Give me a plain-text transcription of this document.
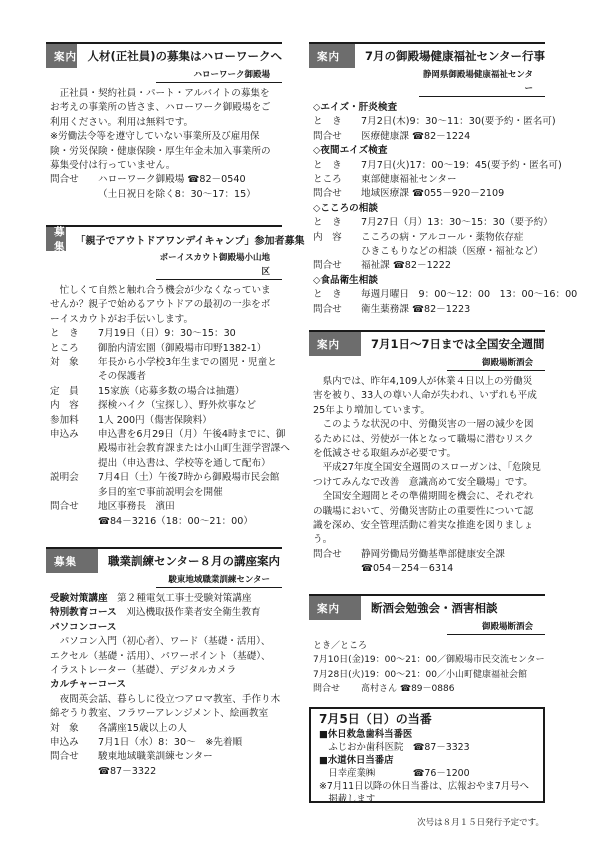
案内 人材(正社員)の募集はハローワークへ
ハローワーク御殿場

正社員・契約社員・パート・アルバイトの募集をお考えの事業所の皆さま、ハローワーク御殿場をご利用ください。利用は無料です。

※労働法令等を遵守していない事業所及び雇用保険・労災保険・健康保険・厚生年金未加入事業所の募集受付は行っていません。
問合せ	ハローワーク御殿場 ☎82－0540
（土日祝日を除く8：30～17：15）
募集	「親子でアウトドアワンデイキャンプ」参加者募集
ボーイスカウト御殿場小山地区

忙しくて自然と触れ合う機会が少なくなっていませんか？親子で始めるアウトドアの最初の一歩をボーイスカウトがお手伝いします。

と　き	7月19日（日）9：30～15：30
ところ	御胎内清宏園（御殿場市印野1382-1）
対　象	年長から小学校3年生までの園児・児童と
その保護者
定　員	15家族（応募多数の場合は抽選）
内　容	探検ハイク（宝探し）、野外炊事など
参加料	1人 200円（傷害保険料）
申込み	申込書を6月29日（月）午後4時までに、御
殿場市社会教育課または小山町生涯学習課へ
提出（申込書は、学校等を通して配布）
説明会	7月4日（土）午後7時から御殿場市民会館
多目的室で事前説明会を開催
問合せ	地区事務長　濱田
☎84－3216（18：00～21：00）
募集	職業訓練センター８月の講座案内
駿東地域職業訓練センター
受験対策講座　第２種電気工事士受験対策講座
特別教育コース　刈込機取扱作業者安全衛生教育
パソコンコース
　パソコン入門（初心者）、ワード（基礎・活用）、
エクセル（基礎・活用）、パワーポイント（基礎）、
イラストレーター（基礎）、デジタルカメラ
カルチャーコース
　夜間英会話、暮らしに役立つアロマ教室、手作り木
綿ぞうり教室、フラワーアレンジメント、絵画教室
対　象	各講座15歳以上の人
申込み	7月1日（水）8：30～　※先着順
問合せ	駿東地域職業訓練センター
☎87－3322
案内	7月の御殿場健康福祉センター行事
静岡県御殿場健康福祉センター
◇エイズ・肝炎検査
と　き	7月2日(木)9：30～11：30(要予約・匿名可)
問合せ	医療健康課 ☎82－1224
◇夜間エイズ検査
と　き	7月7日(火)17：00～19：45(要予約・匿名可)
ところ	東部健康福祉センター
問合せ	地域医療課 ☎055－920－2109
◇こころの相談
と　き	7月27日（月）13：30～15：30（要予約）
内　容	こころの病・アルコール・薬物依存症
ひきこもりなどの相談（医療・福祉など）
問合せ	福祉課 ☎82－1222
◇食品衛生相談
と　き	毎週月曜日　9：00～12：00　13：00～16：00
問合せ	衛生薬務課 ☎82－1223
案内	7月1日～7日までは全国安全週間
御殿場断酒会

県内では、昨年4,109人が休業４日以上の労働災害を被り、33人の尊い人命が失われ、いずれも平成25年より増加しています。

このような状況の中、労働災害の一層の減少を図るためには、労使が一体となって職場に潜むリスクを低減させる取組みが必要です。

平成27年度全国安全週間のスローガンは、「危険見つけてみんなで改善　意識高めて安全職場」です。

全国安全週間とその準備期間を機会に、それぞれの職場において、労働災害防止の重要性について認識を深め、安全管理活動に着実な推進を図りましょう。

問合せ	静岡労働局労働基準部健康安全課
☎054－254－6314
案内	断酒会勉強会・酒害相談
御殿場断酒会
とき／ところ
7月10日(金)19：00～21：00／御殿場市民交流センター
7月28日(火)19：00～21：00／小山町健康福祉会館
問合せ	髙村さん ☎89－0886
7月5日（日）の当番
■休日救急歯科当番医
　ふじおか歯科医院　☎87－3323
■水道休日当番店
　日幸産業㈱　　　　☎76－1200
※7月11日以降の休日当番は、広報おやま7月号へ
　掲載します
次号は８月１５日発行予定です。
